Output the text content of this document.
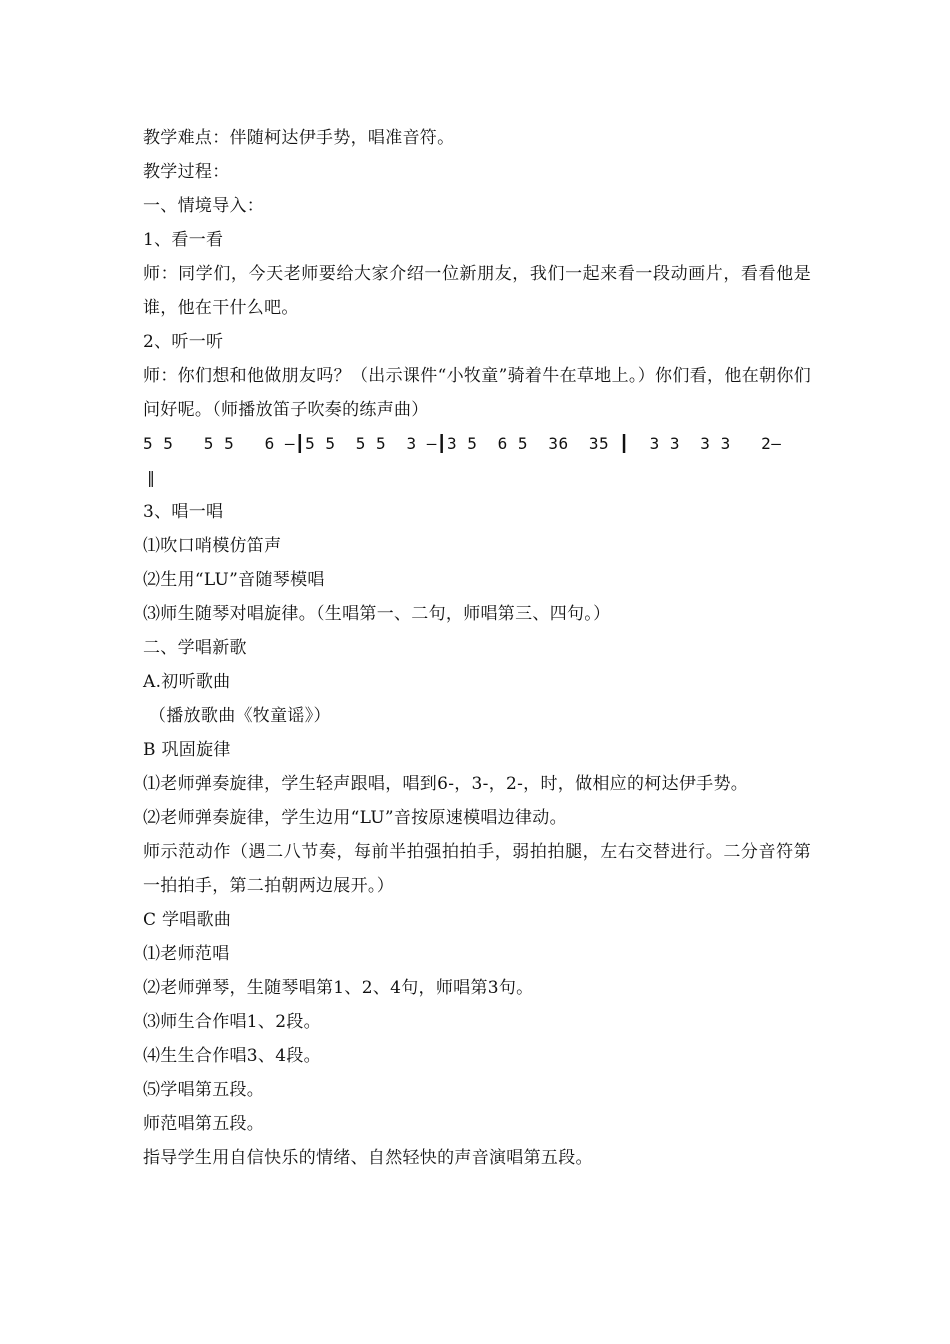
教学难点：伴随柯达伊手势，唱准音符。
教学过程：
一、情境导入：
1、看一看
师：同学们，今天老师要给大家介绍一位新朋友，我们一起来看一段动画片，看看他是谁，他在干什么吧。
2、听一听
师：你们想和他做朋友吗？（出示课件“小牧童”骑着牛在草地上。）你们看，他在朝你们问好呢。（师播放笛子吹奏的练声曲）
5 5   5 5   6 —┃5 5  5 5  3 —┃3 5  6 5  36  35 ┃  3 3  3 3   2—
‖
3、唱一唱
⑴吹口哨模仿笛声
⑵生用“LU”音随琴模唱
⑶师生随琴对唱旋律。（生唱第一、二句，师唱第三、四句。）
二、学唱新歌
A.初听歌曲
（播放歌曲《牧童谣》）
B 巩固旋律
⑴老师弹奏旋律，学生轻声跟唱，唱到6-，3-，2-，时，做相应的柯达伊手势。
⑵老师弹奏旋律，学生边用“LU”音按原速模唱边律动。
师示范动作（遇二八节奏，每前半拍强拍拍手，弱拍拍腿，左右交替进行。二分音符第一拍拍手，第二拍朝两边展开。）
C 学唱歌曲
⑴老师范唱
⑵老师弹琴，生随琴唱第1、2、4句，师唱第3句。
⑶师生合作唱1、2段。
⑷生生合作唱3、4段。
⑸学唱第五段。
师范唱第五段。
指导学生用自信快乐的情绪、自然轻快的声音演唱第五段。
